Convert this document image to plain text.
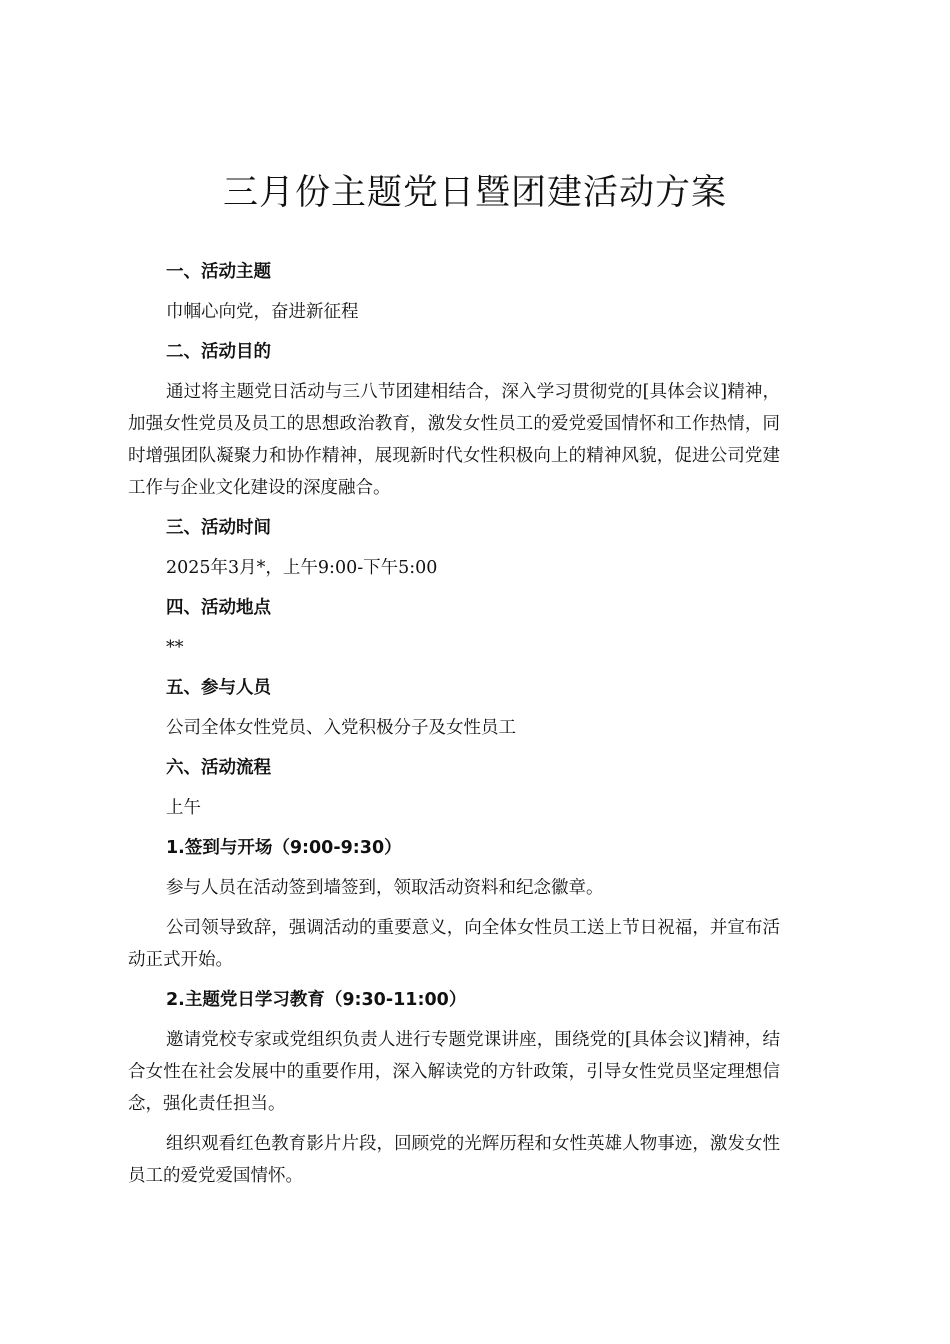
三月份主题党日暨团建活动方案
一、活动主题
巾帼心向党，奋进新征程
二、活动目的
通过将主题党日活动与三八节团建相结合，深入学习贯彻党的[具体会议]精神，加强女性党员及员工的思想政治教育，激发女性员工的爱党爱国情怀和工作热情，同时增强团队凝聚力和协作精神，展现新时代女性积极向上的精神风貌，促进公司党建工作与企业文化建设的深度融合。
三、活动时间
2025年3月*，上午9:00-下午5:00
四、活动地点
**
五、参与人员
公司全体女性党员、入党积极分子及女性员工
六、活动流程
上午
1.签到与开场（9:00-9:30）
参与人员在活动签到墙签到，领取活动资料和纪念徽章。
公司领导致辞，强调活动的重要意义，向全体女性员工送上节日祝福，并宣布活动正式开始。
2.主题党日学习教育（9:30-11:00）
邀请党校专家或党组织负责人进行专题党课讲座，围绕党的[具体会议]精神，结合女性在社会发展中的重要作用，深入解读党的方针政策，引导女性党员坚定理想信念，强化责任担当。
组织观看红色教育影片片段，回顾党的光辉历程和女性英雄人物事迹，激发女性员工的爱党爱国情怀。
